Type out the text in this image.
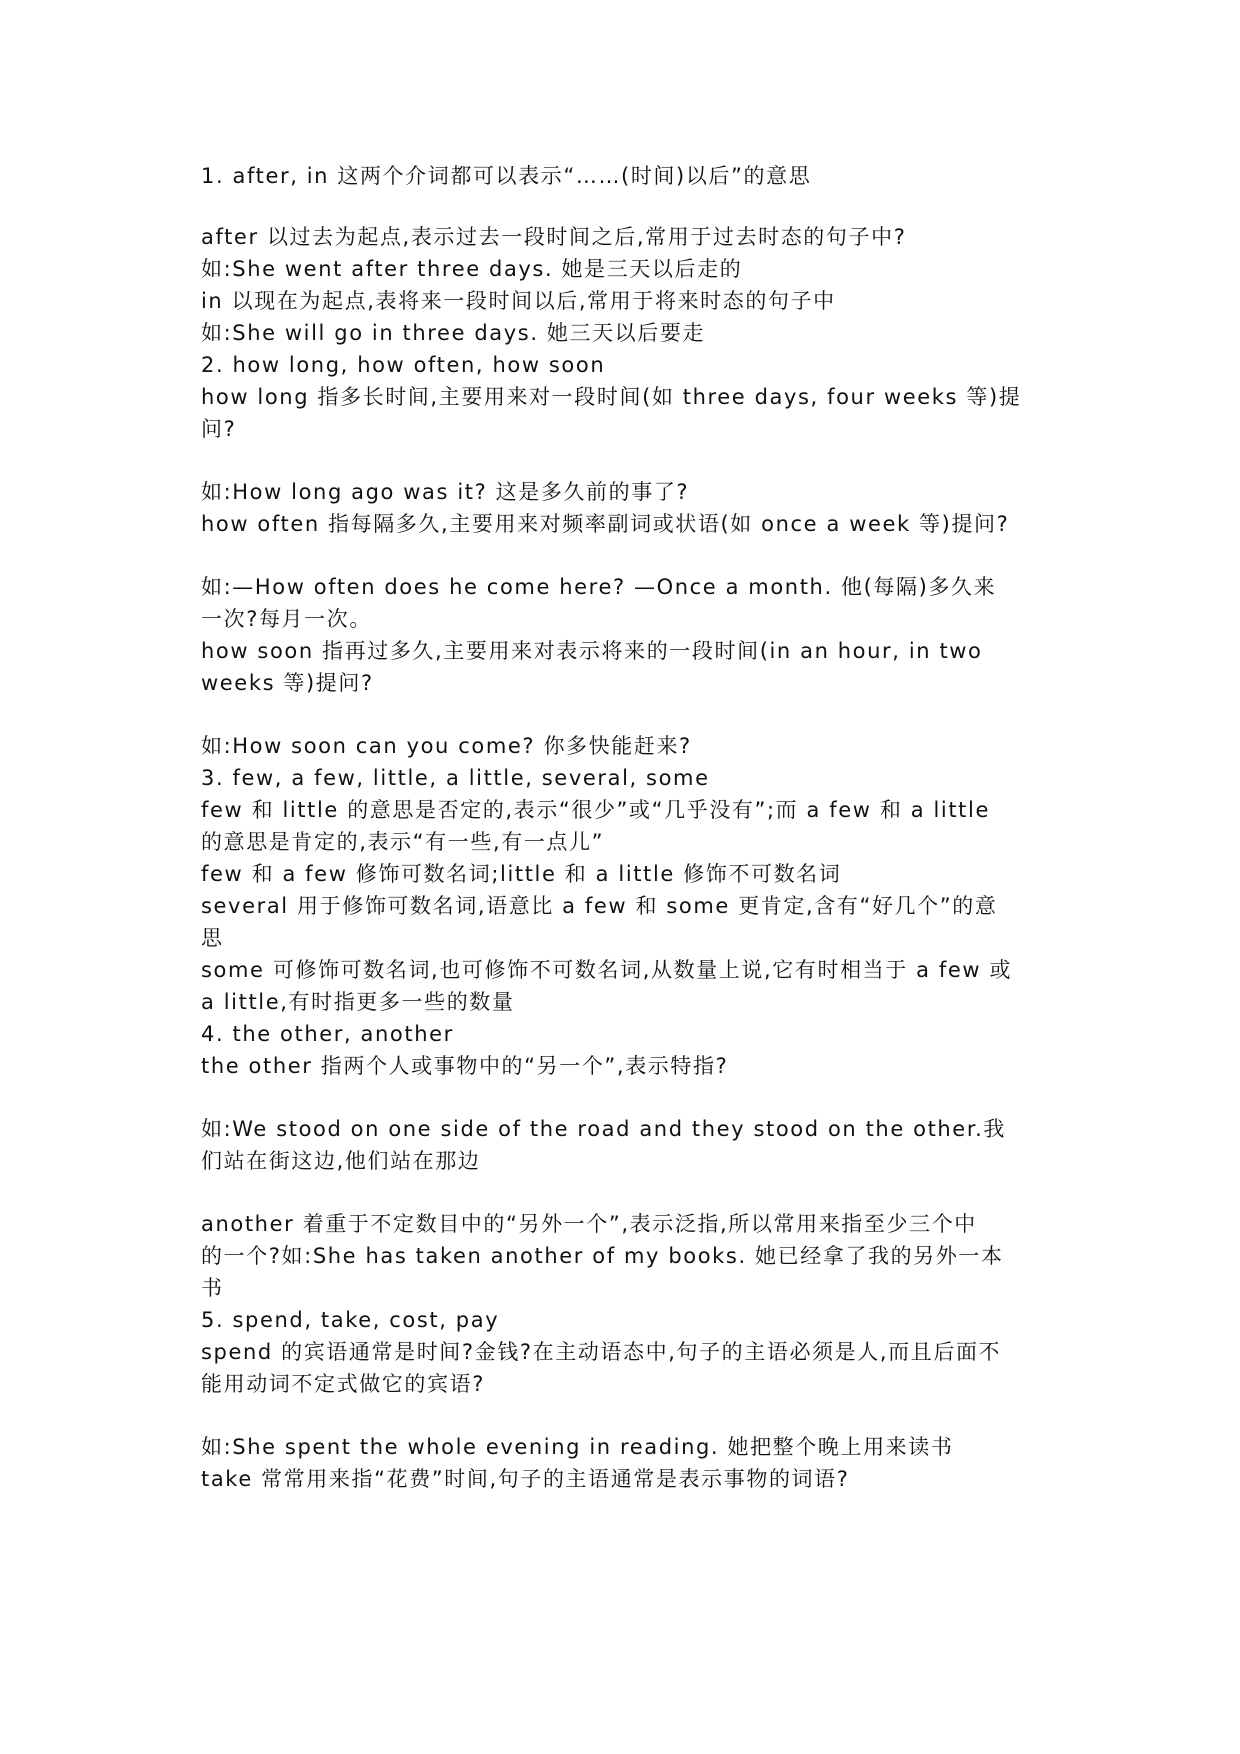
1. after, in 这两个介词都可以表示“……(时间)以后”的意思
after 以过去为起点,表示过去一段时间之后,常用于过去时态的句子中?
如:She went after three days. 她是三天以后走的
in 以现在为起点,表将来一段时间以后,常用于将来时态的句子中
如:She will go in three days. 她三天以后要走
2. how long, how often, how soon
how long 指多长时间,主要用来对一段时间(如 three days, four weeks 等)提
问?
如:How long ago was it? 这是多久前的事了?
how often 指每隔多久,主要用来对频率副词或状语(如 once a week 等)提问?
如:—How often does he come here? —Once a month. 他(每隔)多久来
一次?每月一次。
how soon 指再过多久,主要用来对表示将来的一段时间(in an hour, in two
weeks 等)提问?
如:How soon can you come? 你多快能赶来?
3. few, a few, little, a little, several, some
few 和 little 的意思是否定的,表示“很少”或“几乎没有”;而 a few 和 a little
的意思是肯定的,表示“有一些,有一点儿”
few 和 a few 修饰可数名词;little 和 a little 修饰不可数名词
several 用于修饰可数名词,语意比 a few 和 some 更肯定,含有“好几个”的意
思
some 可修饰可数名词,也可修饰不可数名词,从数量上说,它有时相当于 a few 或
a little,有时指更多一些的数量
4. the other, another
the other 指两个人或事物中的“另一个”,表示特指?
如:We stood on one side of the road and they stood on the other.我
们站在街这边,他们站在那边
another 着重于不定数目中的“另外一个”,表示泛指,所以常用来指至少三个中
的一个?如:She has taken another of my books. 她已经拿了我的另外一本
书
5. spend, take, cost, pay
spend 的宾语通常是时间?金钱?在主动语态中,句子的主语必须是人,而且后面不
能用动词不定式做它的宾语?
如:She spent the whole evening in reading. 她把整个晚上用来读书
take 常常用来指“花费”时间,句子的主语通常是表示事物的词语?
